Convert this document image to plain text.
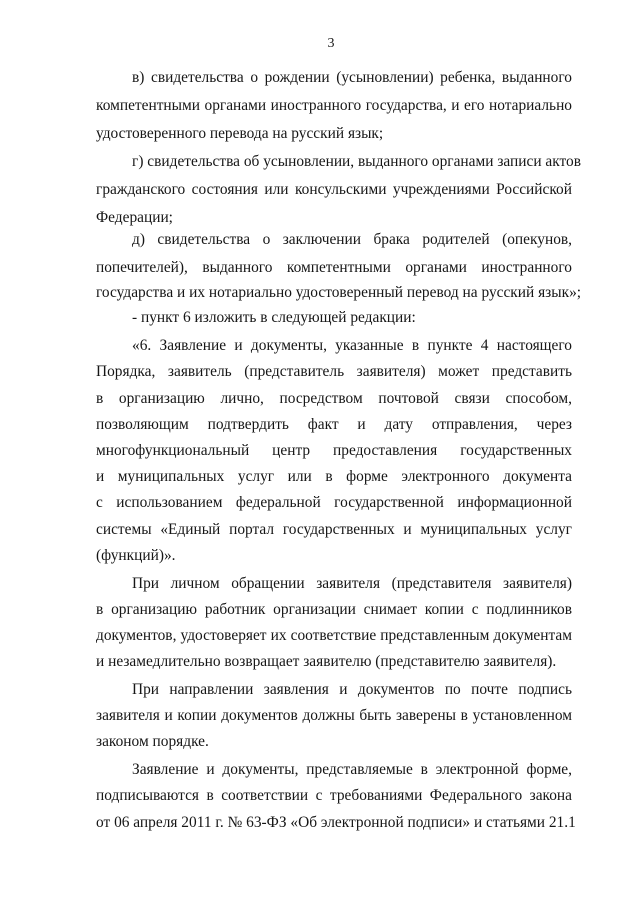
3
в) свидетельства о рождении (усыновлении) ребенка, выданного
компетентными органами иностранного государства, и его нотариально
удостоверенного перевода на русский язык;
г) свидетельства об усыновлении, выданного органами записи актов
гражданского состояния или консульскими учреждениями Российской
Федерации;
д) свидетельства о заключении брака родителей (опекунов,
попечителей), выданного компетентными органами иностранного
государства и их нотариально удостоверенный перевод на русский язык»;
- пункт 6 изложить в следующей редакции:
«6. Заявление и документы, указанные в пункте 4 настоящего
Порядка, заявитель (представитель заявителя) может представить
в организацию лично, посредством почтовой связи способом,
позволяющим подтвердить факт и дату отправления, через
многофункциональный центр предоставления государственных
и муниципальных услуг или в форме электронного документа
с использованием федеральной государственной информационной
системы «Единый портал государственных и муниципальных услуг
(функций)».
При личном обращении заявителя (представителя заявителя)
в организацию работник организации снимает копии с подлинников
документов, удостоверяет их соответствие представленным документам
и незамедлительно возвращает заявителю (представителю заявителя).
При направлении заявления и документов по почте подпись
заявителя и копии документов должны быть заверены в установленном
законом порядке.
Заявление и документы, представляемые в электронной форме,
подписываются в соответствии с требованиями Федерального закона
от 06 апреля 2011 г. № 63-ФЗ «Об электронной подписи» и статьями 21.1
